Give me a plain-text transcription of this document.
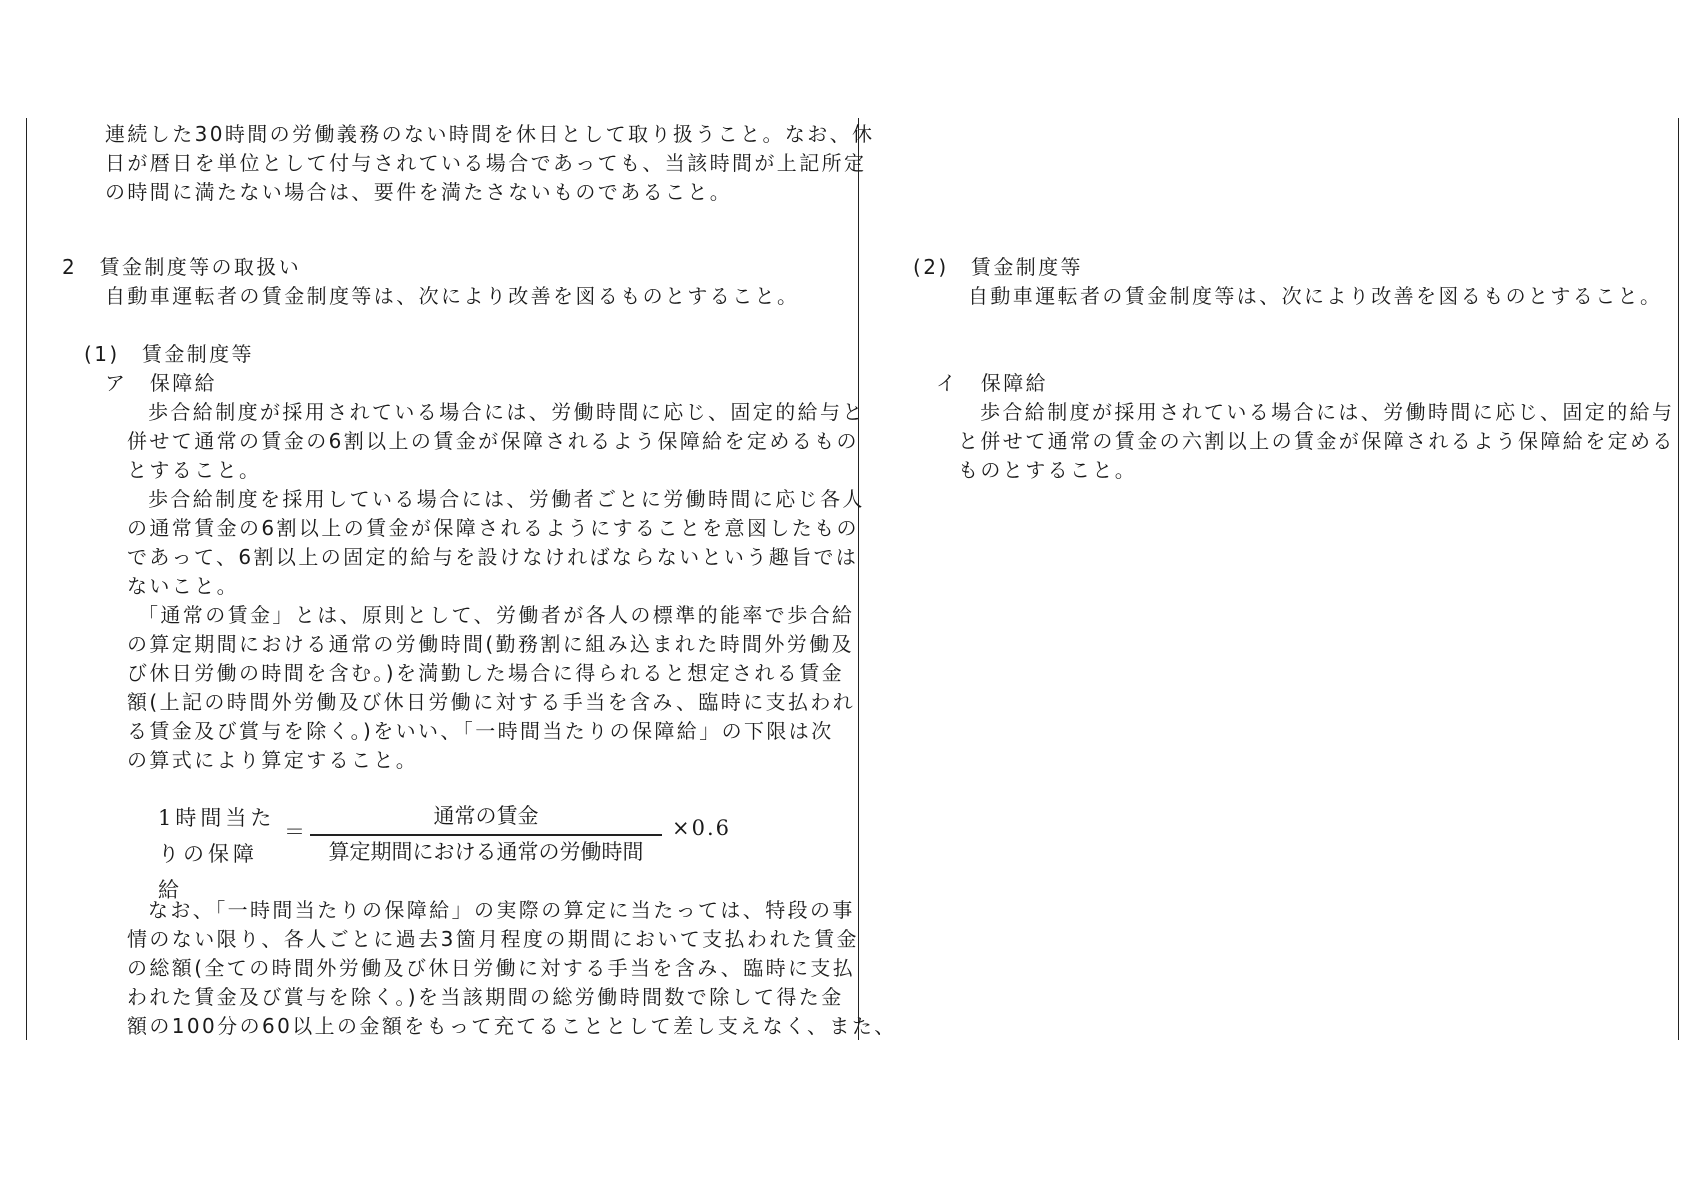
連続した30時間の労働義務のない時間を休日として取り扱うこと。なお、休
日が暦日を単位として付与されている場合であっても、当該時間が上記所定
の時間に満たない場合は、要件を満たさないものであること。
2　賃金制度等の取扱い
自動車運転者の賃金制度等は、次により改善を図るものとすること。
(1)　賃金制度等
ア　保障給
歩合給制度が採用されている場合には、労働時間に応じ、固定的給与と
併せて通常の賃金の6割以上の賃金が保障されるよう保障給を定めるもの
とすること。
歩合給制度を採用している場合には、労働者ごとに労働時間に応じ各人
の通常賃金の6割以上の賃金が保障されるようにすることを意図したもの
であって、6割以上の固定的給与を設けなければならないという趣旨では
ないこと。
「通常の賃金」とは、原則として、労働者が各人の標準的能率で歩合給
の算定期間における通常の労働時間(勤務割に組み込まれた時間外労働及
び休日労働の時間を含む。)を満勤した場合に得られると想定される賃金
額(上記の時間外労働及び休日労働に対する手当を含み、臨時に支払われ
る賃金及び賞与を除く。)をいい、「一時間当たりの保障給」の下限は次
の算式により算定すること。
1時間当た
りの保障給
＝
通常の賃金
算定期間における通常の労働時間
×0.6
なお、「一時間当たりの保障給」の実際の算定に当たっては、特段の事
情のない限り、各人ごとに過去3箇月程度の期間において支払われた賃金
の総額(全ての時間外労働及び休日労働に対する手当を含み、臨時に支払
われた賃金及び賞与を除く。)を当該期間の総労働時間数で除して得た金
額の100分の60以上の金額をもって充てることとして差し支えなく、また、
(2)　賃金制度等
自動車運転者の賃金制度等は、次により改善を図るものとすること。
イ　保障給
歩合給制度が採用されている場合には、労働時間に応じ、固定的給与
と併せて通常の賃金の六割以上の賃金が保障されるよう保障給を定める
ものとすること。
